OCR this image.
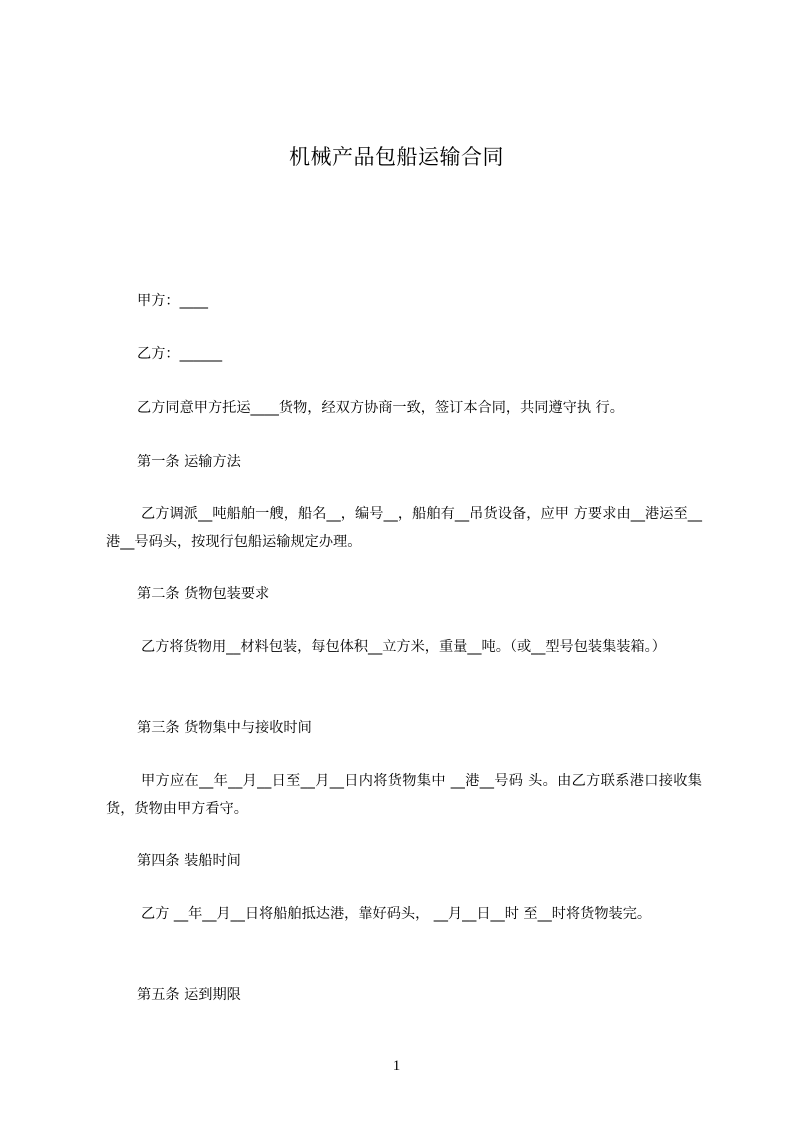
机械产品包船运输合同
甲方：____
乙方：______
乙方同意甲方托运____货物，经双方协商一致，签订本合同，共同遵守执 行。
第一条 运输方法
乙方调派__吨船舶一艘，船名__，编号__，船舶有__吊货设备，应甲 方要求由__港运至__港__号码头，按现行包船运输规定办理。
第二条 货物包装要求
乙方将货物用__材料包装，每包体积__立方米，重量__吨。（或__型号包装集装箱。）
第三条 货物集中与接收时间
甲方应在__年__月__日至__月__日内将货物集中 __港__号码 头。由乙方联系港口接收集货，货物由甲方看守。
第四条 装船时间
乙方 __年__月__日将船舶抵达港，靠好码头， __月__日__时 至__时将货物装完。
第五条 运到期限
1
